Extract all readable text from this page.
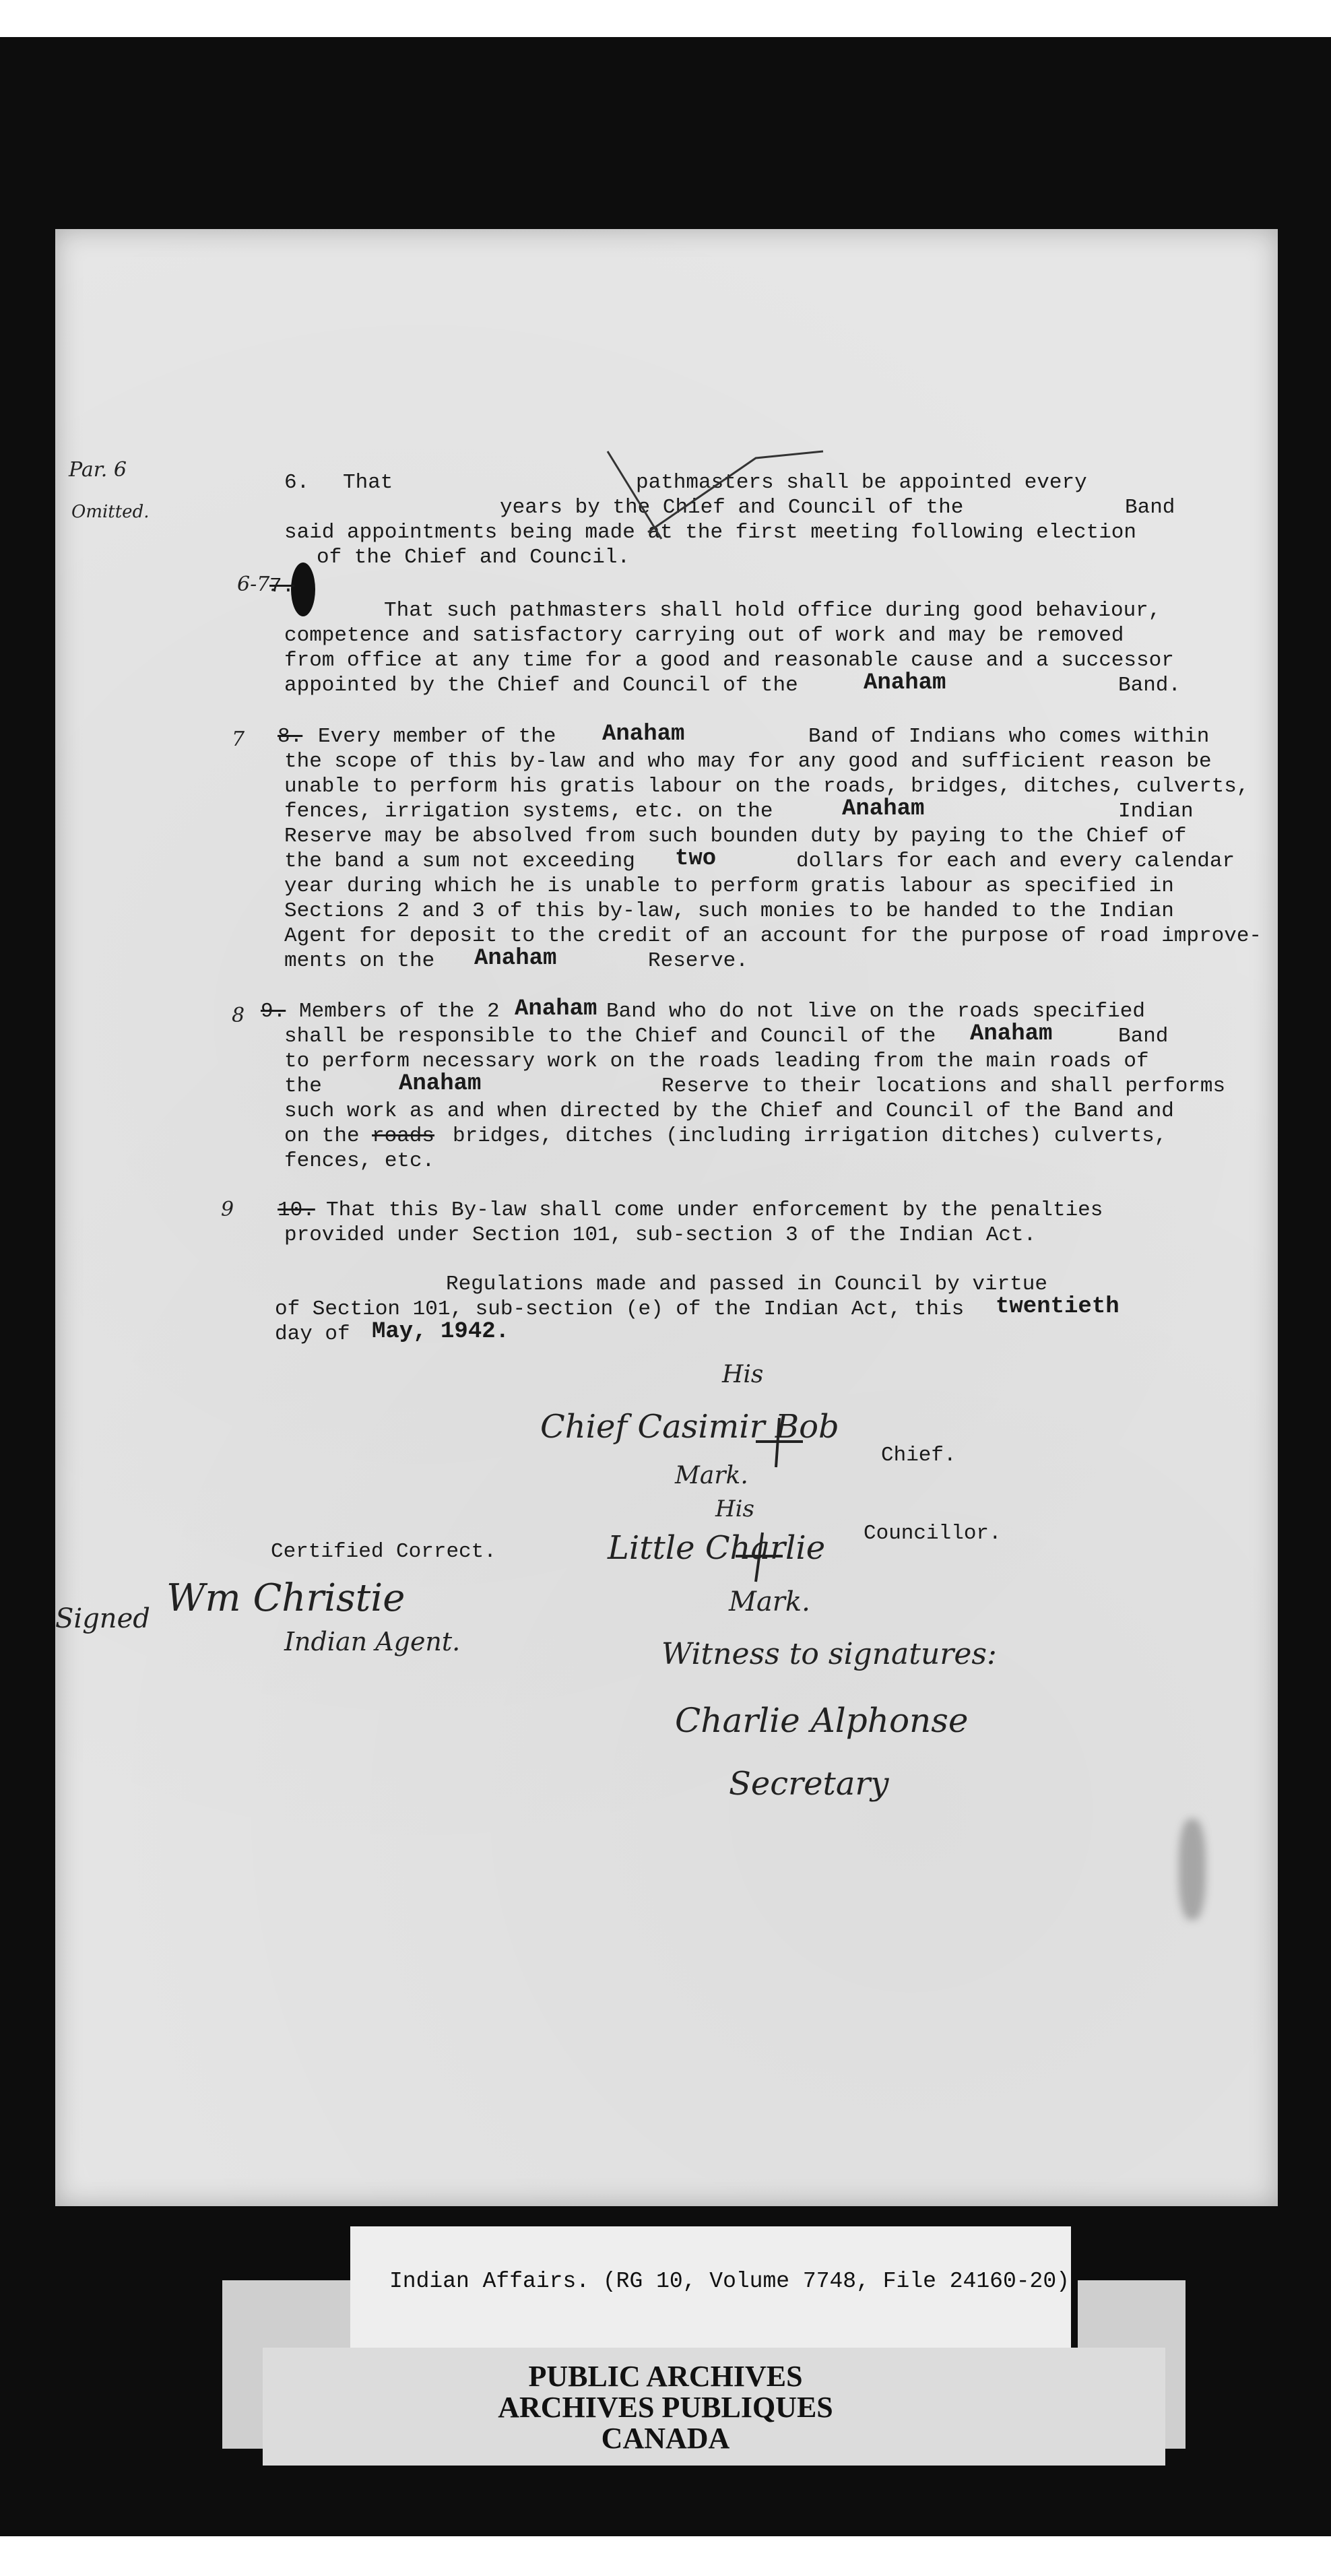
Par. 6
Omitted.
6-7.
7
8
9
6. That	pathmasters shall be appointed every
years by the Chief and Council of the	Band
said appointments being made at the first meeting following election
of the Chief and Council.
7.
That such pathmasters shall hold office during good behaviour,
competence and satisfactory carrying out of work and may be removed
from office at any time for a good and reasonable cause and a successor
appointed by the Chief and Council of the	Anaham	Band.
8. Every member of the Anaham	Band of Indians who comes within
the scope of this by-law and who may for any good and sufficient reason be
unable to perform his gratis labour on the roads, bridges, ditches, culverts,
fences, irrigation systems, etc. on the	Anaham	Indian
Reserve may be absolved from such bounden duty by paying to the Chief of
the band a sum not exceeding two	dollars for each and every calendar
year during which he is unable to perform gratis labour as specified in
Sections 2 and 3 of this by-law, such monies to be handed to the Indian
Agent for deposit to the credit of an account for the purpose of road improve-
ments on the Anaham	Reserve.
9. Members of the 2 Anaham Band who do not live on the roads specified
shall be responsible to the Chief and Council of the Anaham	Band
to perform necessary work on the roads leading from the main roads of
the	Anaham	Reserve to their locations and shall performs
such work as and when directed by the Chief and Council of the Band and
on the roads bridges, ditches (including irrigation ditches) culverts,
fences, etc.
10. That this By-law shall come under enforcement by the penalties
provided under Section 101, sub-section 3 of the Indian Act.
Regulations made and passed in Council by virtue
of Section 101, sub-section (e) of the Indian Act, this twentieth
day of May, 1942.
His
Chief Casimir Bob
Mark.
Chief.
His
Little Charlie Councillor.
Mark.
Certified Correct.
Signed Wm Christie
Indian Agent.	Witness to signatures:
Charlie Alphonse
Secretary
Indian Affairs. (RG 10, Volume 7748, File 24160-20)
PUBLIC ARCHIVES
ARCHIVES PUBLIQUES
CANADA
